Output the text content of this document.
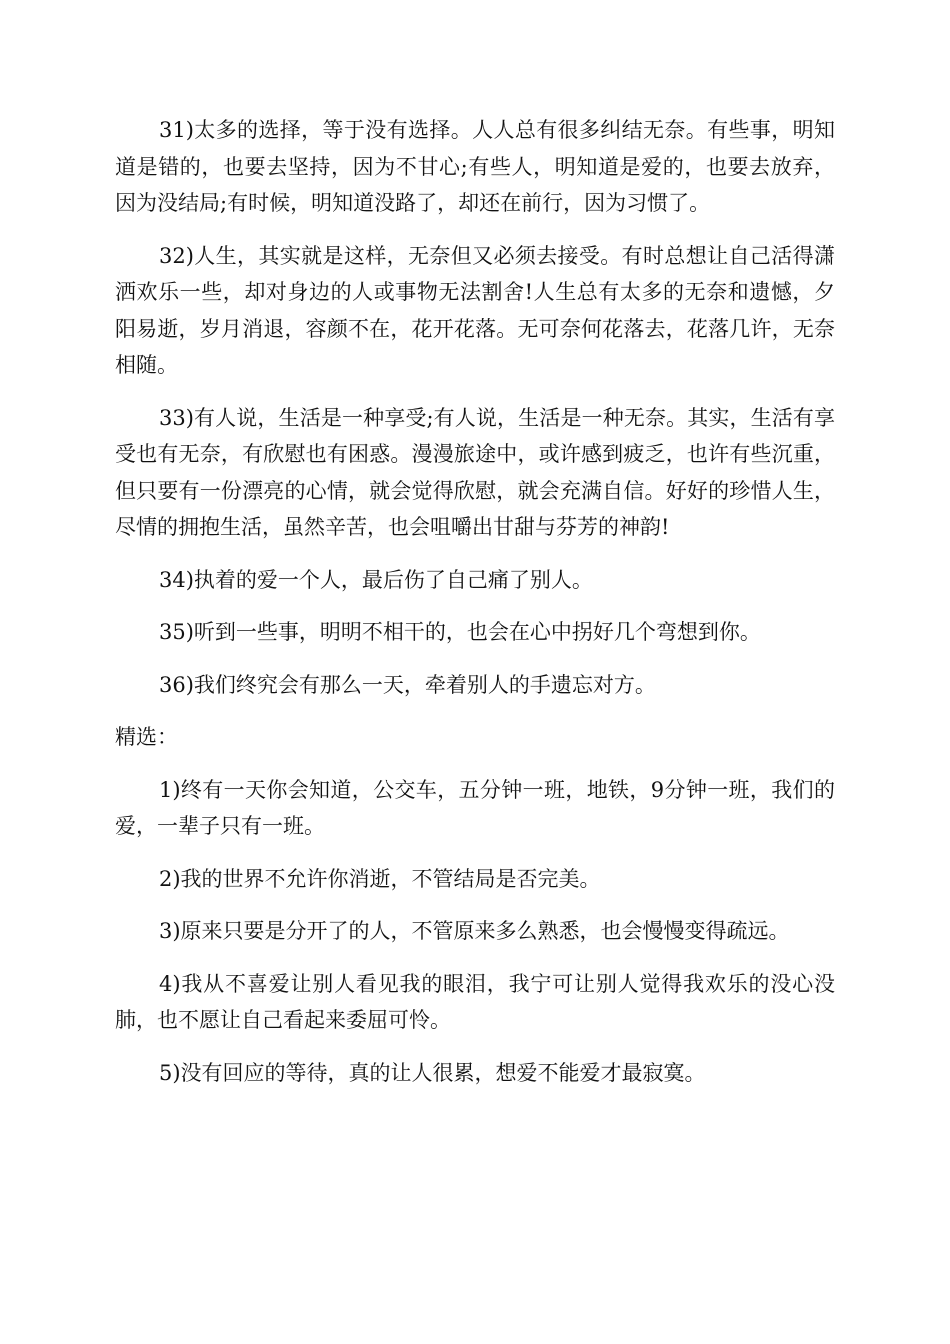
31)太多的选择，等于没有选择。人人总有很多纠结无奈。有些事，明知道是错的，也要去坚持，因为不甘心;有些人，明知道是爱的，也要去放弃，因为没结局;有时候，明知道没路了，却还在前行，因为习惯了。

32)人生，其实就是这样，无奈但又必须去接受。有时总想让自己活得潇洒欢乐一些，却对身边的人或事物无法割舍!人生总有太多的无奈和遗憾，夕阳易逝，岁月消退，容颜不在，花开花落。无可奈何花落去，花落几许，无奈相随。

33)有人说，生活是一种享受;有人说，生活是一种无奈。其实，生活有享受也有无奈，有欣慰也有困惑。漫漫旅途中，或许感到疲乏，也许有些沉重，但只要有一份漂亮的心情，就会觉得欣慰，就会充满自信。好好的珍惜人生，尽情的拥抱生活，虽然辛苦，也会咀嚼出甘甜与芬芳的神韵!

34)执着的爱一个人，最后伤了自己痛了别人。

35)听到一些事，明明不相干的，也会在心中拐好几个弯想到你。

36)我们终究会有那么一天，牵着别人的手遗忘对方。

精选：

1)终有一天你会知道，公交车，五分钟一班，地铁，9分钟一班，我们的爱，一辈子只有一班。

2)我的世界不允许你消逝，不管结局是否完美。

3)原来只要是分开了的人，不管原来多么熟悉，也会慢慢变得疏远。

4)我从不喜爱让别人看见我的眼泪，我宁可让别人觉得我欢乐的没心没肺，也不愿让自己看起来委屈可怜。

5)没有回应的等待，真的让人很累，想爱不能爱才最寂寞。
